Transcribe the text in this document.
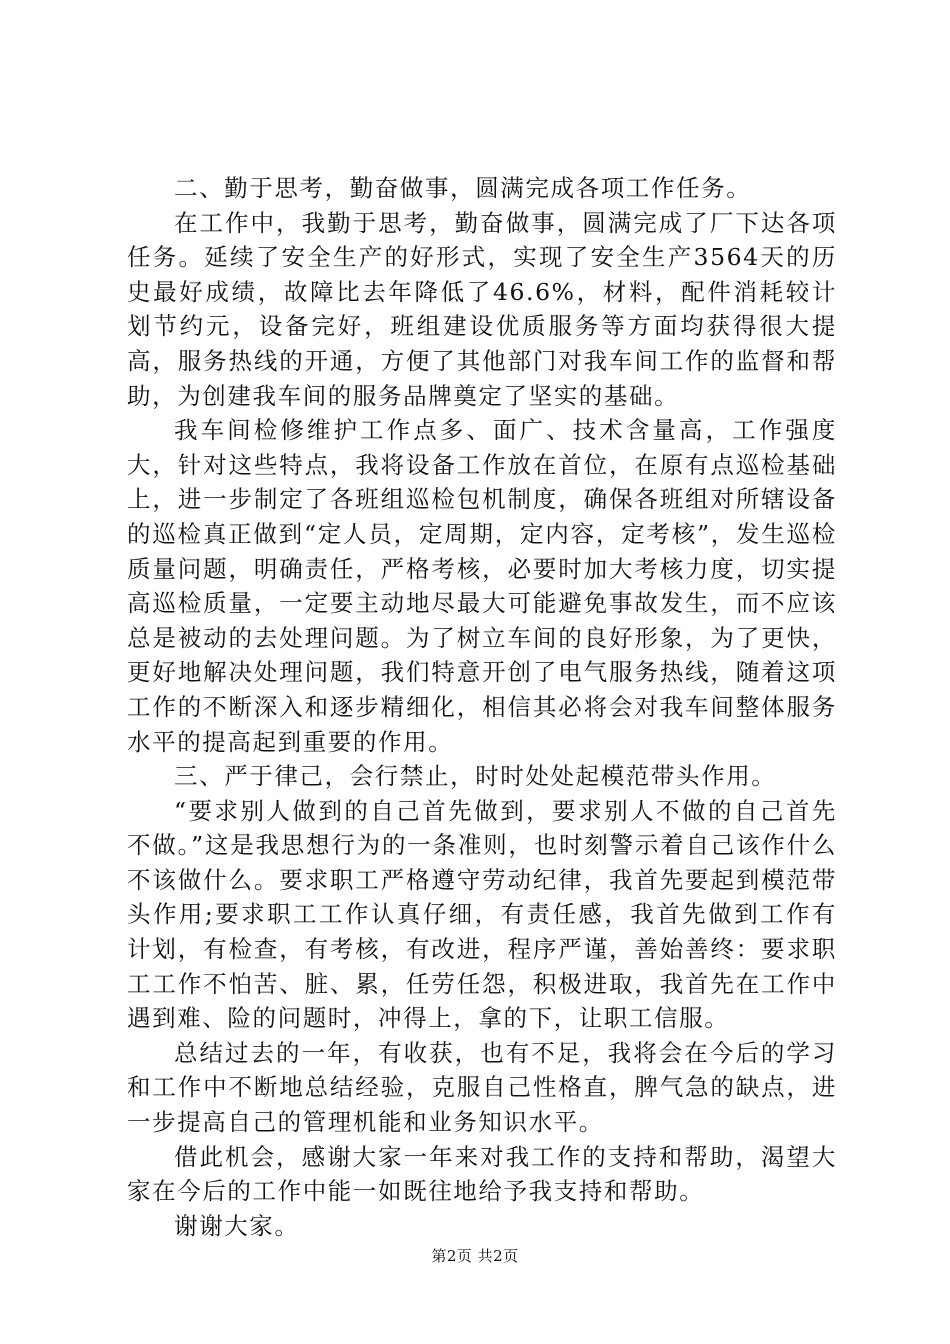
二、勤于思考，勤奋做事，圆满完成各项工作任务。

在工作中，我勤于思考，勤奋做事，圆满完成了厂下达各项任务。延续了安全生产的好形式，实现了安全生产3564天的历史最好成绩，故障比去年降低了46.6%，材料，配件消耗较计划节约元，设备完好，班组建设优质服务等方面均获得很大提高，服务热线的开通，方便了其他部门对我车间工作的监督和帮助，为创建我车间的服务品牌奠定了坚实的基础。

我车间检修维护工作点多、面广、技术含量高，工作强度大，针对这些特点，我将设备工作放在首位，在原有点巡检基础上，进一步制定了各班组巡检包机制度，确保各班组对所辖设备的巡检真正做到“定人员，定周期，定内容，定考核”，发生巡检质量问题，明确责任，严格考核，必要时加大考核力度，切实提高巡检质量，一定要主动地尽最大可能避免事故发生，而不应该总是被动的去处理问题。为了树立车间的良好形象，为了更快，更好地解决处理问题，我们特意开创了电气服务热线，随着这项工作的不断深入和逐步精细化，相信其必将会对我车间整体服务水平的提高起到重要的作用。

三、严于律己，会行禁止，时时处处起模范带头作用。

“要求别人做到的自己首先做到，要求别人不做的自己首先不做。”这是我思想行为的一条准则，也时刻警示着自己该作什么不该做什么。要求职工严格遵守劳动纪律，我首先要起到模范带头作用;要求职工工作认真仔细，有责任感，我首先做到工作有计划，有检查，有考核，有改进，程序严谨，善始善终：要求职工工作不怕苦、脏、累，任劳任怨，积极进取，我首先在工作中遇到难、险的问题时，冲得上，拿的下，让职工信服。

总结过去的一年，有收获，也有不足，我将会在今后的学习和工作中不断地总结经验，克服自己性格直，脾气急的缺点，进一步提高自己的管理机能和业务知识水平。

借此机会，感谢大家一年来对我工作的支持和帮助，渴望大家在今后的工作中能一如既往地给予我支持和帮助。

谢谢大家。

第2页 共2页
